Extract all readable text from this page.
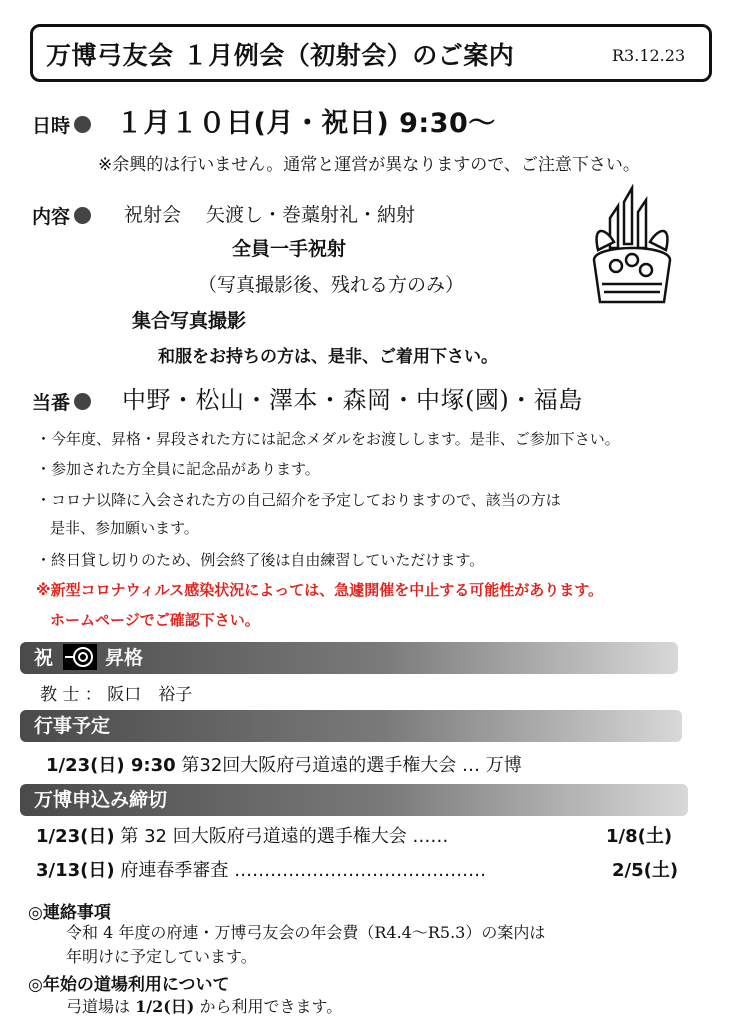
万博弓友会 １月例会（初射会）のご案内	R3.12.23
日時	１月１０日(月・祝日) 9:30～
※余興的は行いません。通常と運営が異なりますので、ご注意下さい。
内容	祝射会　 矢渡し・巻藁射礼・納射
全員一手祝射
（写真撮影後、残れる方のみ）
集合写真撮影
和服をお持ちの方は、是非、ご着用下さい。
当番	中野・松山・澤本・森岡・中塚(國)・福島
・今年度、昇格・昇段された方には記念メダルをお渡しします。是非、ご参加下さい。
・参加された方全員に記念品があります。
・コロナ以降に入会された方の自己紹介を予定しておりますので、該当の方は
是非、参加願います。
・終日貸し切りのため、例会終了後は自由練習していただけます。
※新型コロナウィルス感染状況によっては、急遽開催を中止する可能性があります。
ホームページでご確認下さい。
祝	昇格
教 士 ： 阪口　裕子
行事予定
1/23(日) 9:30 第32回大阪府弓道遠的選手権大会 … 万博
万博申込み締切
1/23(日) 第 32 回大阪府弓道遠的選手権大会 ……	1/8(土)
3/13(日) 府連春季審査 ……………………………………	2/5(土)
◎連絡事項
令和 4 年度の府連・万博弓友会の年会費（R4.4～R5.3）の案内は
年明けに予定しています。
◎年始の道場利用について
弓道場は 1/2(日) から利用できます。
